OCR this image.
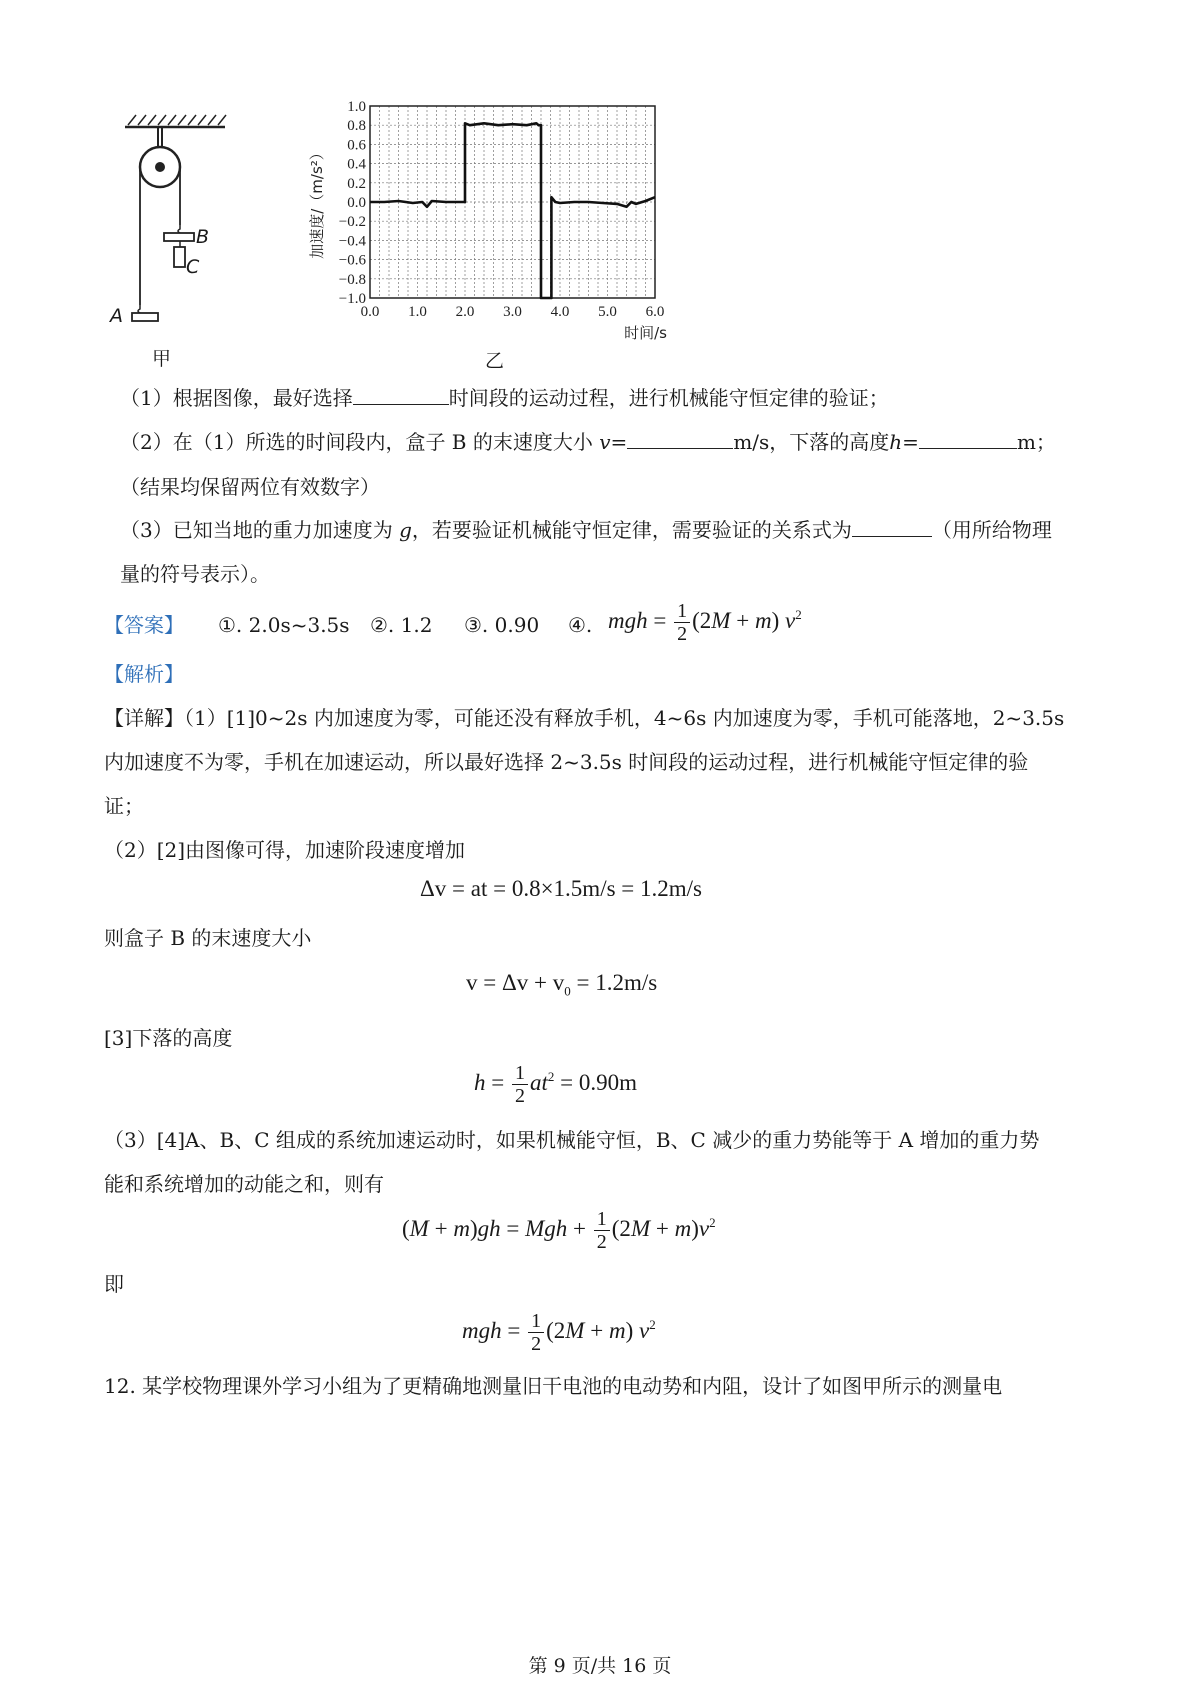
A
B
C
甲
0.0 1.0 2.0 3.0 4.0 5.0 6.0
1.0
0.8
0.6
0.4
0.2
0.0
−0.2
−0.4
−0.6
−0.8
−1.0
加速度/（m/s²）
时间/s
乙
（1）根据图像，最好选择	时间段的运动过程，进行机械能守恒定律的验证；
（2）在（1）所选的时间段内，盒子 B 的末速度大小 v=	m/s，下落的高度h=	m；
（结果均保留两位有效数字）
（3）已知当地的重力加速度为 g，若要验证机械能守恒定律，需要验证的关系式为	（用所给物理
量的符号表示）。
【答案】 ①. 2.0s~3.5s ②. 1.2 ③. 0.90 ④. mgh = $\frac{1}{2} (2M + m)$ $v^2$
【解析】
【详解】（1）[1]0~2s 内加速度为零，可能还没有释放手机，4~6s 内加速度为零，手机可能落地，2~3.5s
内加速度不为零，手机在加速运动，所以最好选择 2~3.5s 时间段的运动过程，进行机械能守恒定律的验
证；
（2）[2]由图像可得，加速阶段速度增加
Δv = at = 0.8×1.5m/s = 1.2m/s
则盒子 B 的末速度大小
$v = \Delta v + v_0 = 1.2m/s$
[3]下落的高度
$h = \frac{1}{2} at^2 = 0.90m$
（3）[4]A、B、C 组成的系统加速运动时，如果机械能守恒，B、C 减少的重力势能等于 A 增加的重力势
能和系统增加的动能之和，则有
(M + m)gh = Mgh + $\frac{1}{2} (2M + m)v^2$
即
mgh = $\frac{1}{2} (2M + m)$ $v^2$
12. 某学校物理课外学习小组为了更精确地测量旧干电池的电动势和内阻，设计了如图甲所示的测量电
第 9 页/共 16 页
